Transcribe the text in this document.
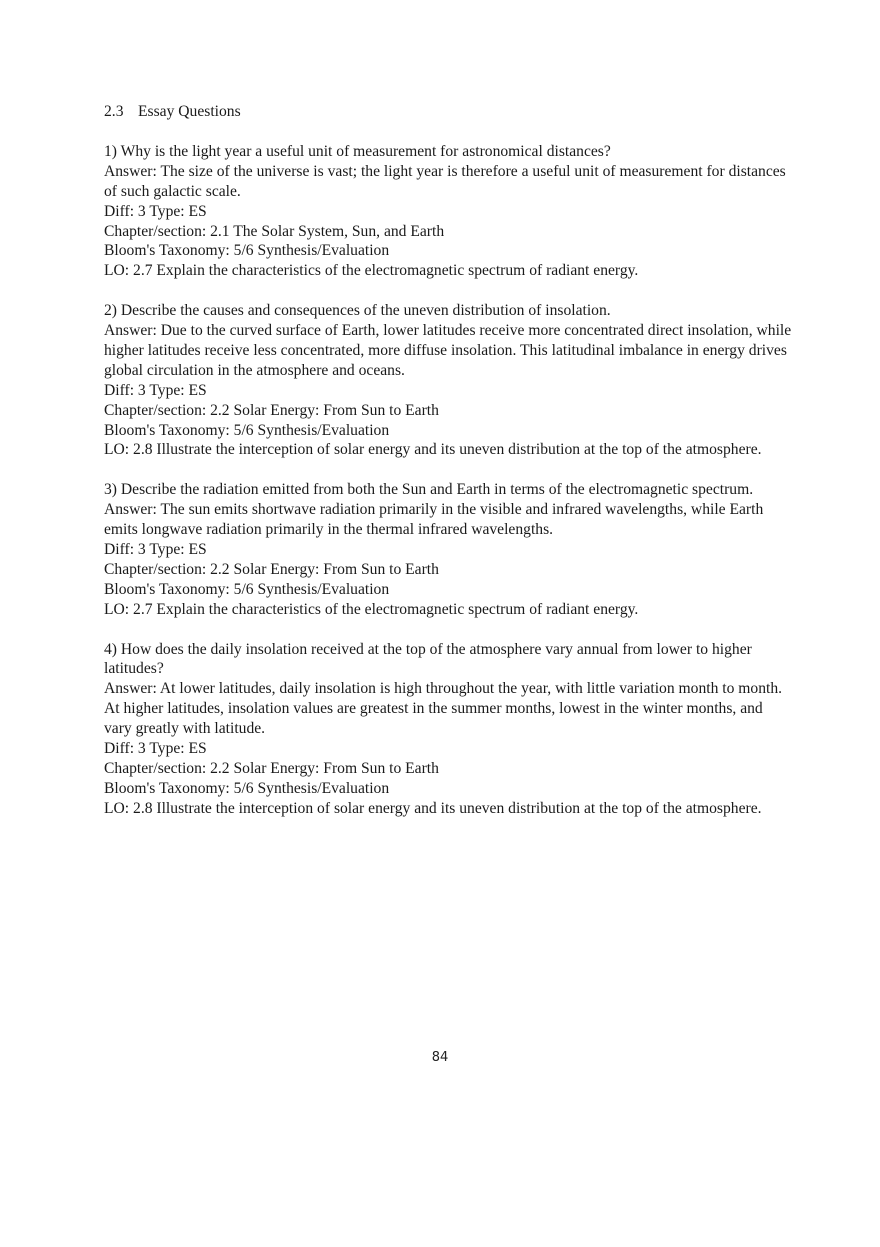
2.3 Essay Questions
1) Why is the light year a useful unit of measurement for astronomical distances?
Answer: The size of the universe is vast; the light year is therefore a useful unit of measurement for distances of such galactic scale.
Diff: 3 Type: ES
Chapter/section: 2.1 The Solar System, Sun, and Earth
Bloom's Taxonomy: 5/6 Synthesis/Evaluation
LO: 2.7 Explain the characteristics of the electromagnetic spectrum of radiant energy.
2) Describe the causes and consequences of the uneven distribution of insolation.
Answer: Due to the curved surface of Earth, lower latitudes receive more concentrated direct insolation, while higher latitudes receive less concentrated, more diffuse insolation. This latitudinal imbalance in energy drives global circulation in the atmosphere and oceans.
Diff: 3 Type: ES
Chapter/section: 2.2 Solar Energy: From Sun to Earth
Bloom's Taxonomy: 5/6 Synthesis/Evaluation
LO: 2.8 Illustrate the interception of solar energy and its uneven distribution at the top of the atmosphere.
3) Describe the radiation emitted from both the Sun and Earth in terms of the electromagnetic spectrum.
Answer: The sun emits shortwave radiation primarily in the visible and infrared wavelengths, while Earth emits longwave radiation primarily in the thermal infrared wavelengths.
Diff: 3 Type: ES
Chapter/section: 2.2 Solar Energy: From Sun to Earth
Bloom's Taxonomy: 5/6 Synthesis/Evaluation
LO: 2.7 Explain the characteristics of the electromagnetic spectrum of radiant energy.
4) How does the daily insolation received at the top of the atmosphere vary annual from lower to higher latitudes?
Answer: At lower latitudes, daily insolation is high throughout the year, with little variation month to month. At higher latitudes, insolation values are greatest in the summer months, lowest in the winter months, and vary greatly with latitude.
Diff: 3 Type: ES
Chapter/section: 2.2 Solar Energy: From Sun to Earth
Bloom's Taxonomy: 5/6 Synthesis/Evaluation
LO: 2.8 Illustrate the interception of solar energy and its uneven distribution at the top of the atmosphere.
84
